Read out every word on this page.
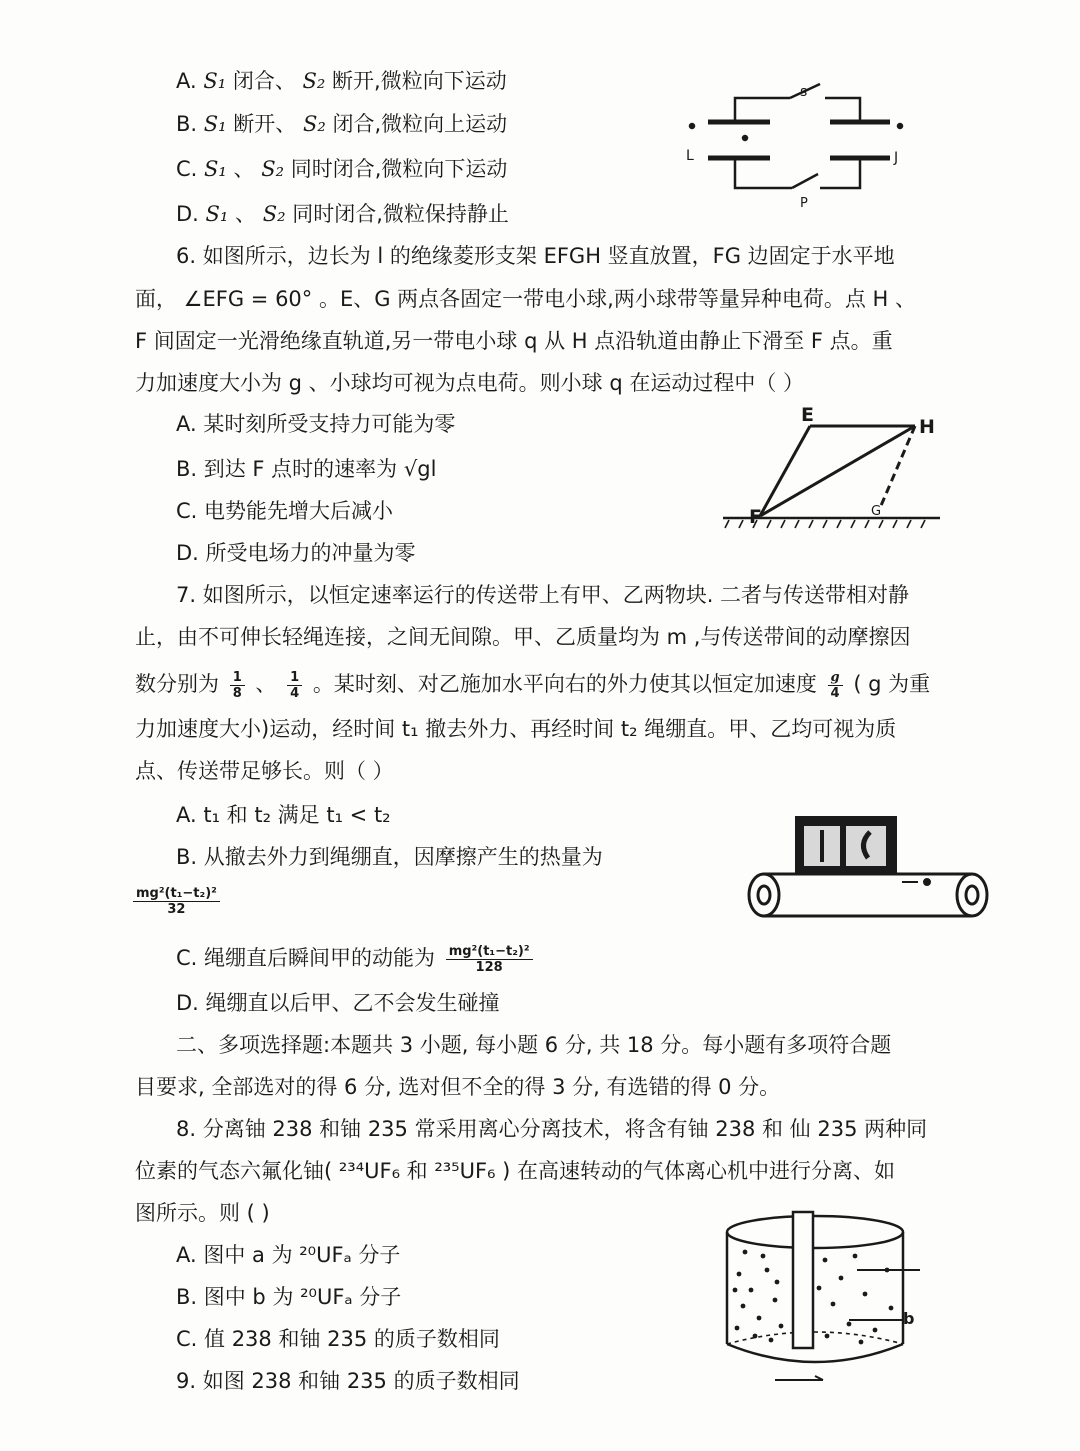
A. S₁ 闭合、 S₂ 断开,微粒向下运动
B. S₁ 断开、 S₂ 闭合,微粒向上运动
C. S₁ 、 S₂ 同时闭合,微粒向下运动
D. S₁ 、 S₂ 同时闭合,微粒保持静止
s
L	J
P
6. 如图所示，边长为 l 的绝缘菱形支架 EFGH 竖直放置，FG 边固定于水平地
面， ∠EFG = 60° 。E、G 两点各固定一带电小球,两小球带等量异种电荷。点 H 、
F 间固定一光滑绝缘直轨道,另一带电小球 q 从 H 点沿轨道由静止下滑至 F 点。重
力加速度大小为 g 、小球均可视为点电荷。则小球 q 在运动过程中（ ）
A. 某时刻所受支持力可能为零
B. 到达 F 点时的速率为 √gl
C. 电势能先增大后减小
D. 所受电场力的冲量为零
E
H
F	G
7. 如图所示，以恒定速率运行的传送带上有甲、乙两物块. 二者与传送带相对静
止，由不可伸长轻绳连接，之间无间隙。甲、乙质量均为 m ,与传送带间的动摩擦因
数分别为 $\frac{1}{8}$ 、 $\frac{1}{4}$ 。某时刻、对乙施加水平向右的外力使其以恒定加速度 $\frac{g}{4}$ ( g 为重
力加速度大小)运动，经时间 t₁ 撤去外力、再经时间 t₂ 绳绷直。甲、乙均可视为质
点、传送带足够长。则（ ）
A. t₁ 和 t₂ 满足 t₁ < t₂
B. 从撤去外力到绳绷直，因摩擦产生的热量为
$\frac{\text{mg²(t₁−t₂)²}}{32}$
C. 绳绷直后瞬间甲的动能为 $\frac{\text{mg²(t₁−t₂)²}}{128}$
D. 绳绷直以后甲、乙不会发生碰撞
二、多项选择题:本题共 3 小题, 每小题 6 分, 共 18 分。每小题有多项符合题
目要求, 全部选对的得 6 分, 选对但不全的得 3 分, 有选错的得 0 分。
8. 分离铀 238 和铀 235 常采用离心分离技术，将含有铀 238 和 仙 235 两种同
位素的气态六氟化铀( ²³⁴UF₆ 和 ²³⁵UF₆ ) 在高速转动的气体离心机中进行分离、如
图所示。则 ( )
A. 图中 a 为 ²⁰UFₐ 分子
B. 图中 b 为 ²⁰UFₐ 分子
C. 值 238 和铀 235 的质子数相同
9. 如图 238 和铀 235 的质子数相同
b
